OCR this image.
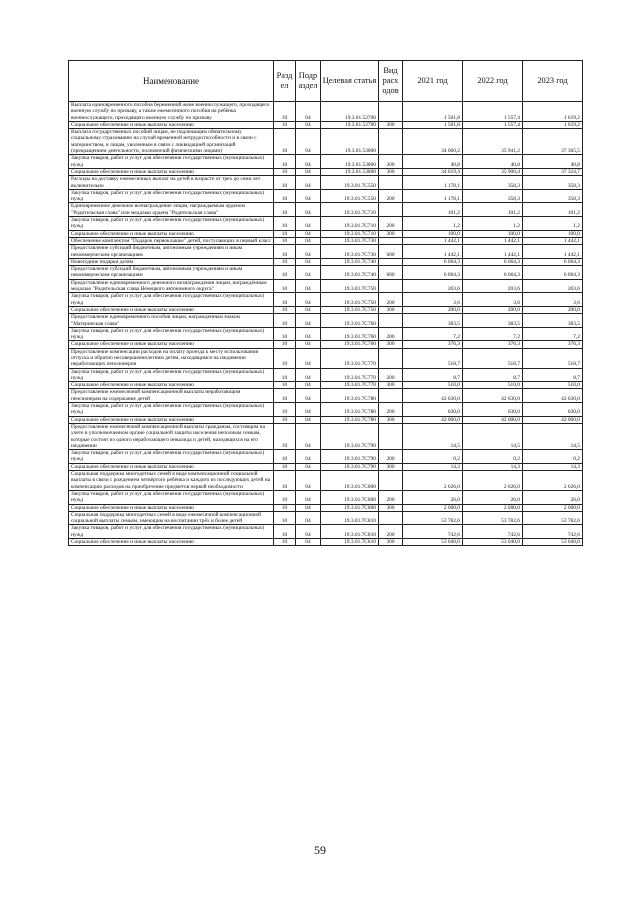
Наименование	Разд ел	Подр аздел	Целевая статья	Вид расх одов	2021 год	2022 год	2023 год
Выплата единовременного пособия беременной жене военнослужащего, проходящего военную службу по призыву, а также ежемесячного пособия на ребёнка военнослужащего, проходящего военную службу по призыву	10	04	19.3.01.52700		1 501,8	1 557,4	1 619,2
Социальное обеспечение и иные выплаты населению	10	04	19.3.01.52700	300	1 501,8	1 557,4	1 619,2
Выплата государственных пособий лицам, не подлежащим обязательному социальному страхованию на случай временной нетрудоспособности и в связи с материнством, и лицам, уволенным в связи с ликвидацией организаций (прекращением деятельности, полномочий физическими лицами)	10	04	19.3.01.53800		34 660,2	35 941,2	37 365,5
Закупка товаров, работ и услуг для обеспечения государственных (муниципальных) нужд	10	04	19.3.01.53800	200	40,8	40,8	40,8
Социальное обеспечение и иные выплаты населению	10	04	19.3.01.53800	300	34 619,4	35 900,4	37 324,7
Расходы на доставку ежемесячных выплат на детей в возрасте от трех до семи лет включительно	10	04	19.3.01.7С550		1 178,1	358,3	358,3
Закупка товаров, работ и услуг для обеспечения государственных (муниципальных) нужд	10	04	19.3.01.7С550	200	1 178,1	358,3	358,3
Единовременное денежное вознаграждение лицам, награждаемым орденом "Родительская слава" или медалью ордена "Родительская слава"	10	04	19.3.01.7С710		101,2	101,2	101,2
Закупка товаров, работ и услуг для обеспечения государственных (муниципальных) нужд	10	04	19.3.01.7С710	200	1,2	1,2	1,2
Социальное обеспечение и иные выплаты населению	10	04	19.3.01.7С710	300	100,0	100,0	100,0
Обеспечение комплектом "Подарок первоклашке" детей, поступающих в первый класс	10	04	19.3.01.7С730		1 442,1	1 442,1	1 442,1
Предоставление субсидий бюджетным, автономным учреждениям и иным некоммерческим организациям	10	04	19.3.01.7С730	600	1 442,1	1 442,1	1 442,1
Новогодние подарки детям	10	04	19.3.01.7С740		6 064,3	6 064,3	6 064,3
Предоставление субсидий бюджетным, автономным учреждениям и иным некоммерческим организациям	10	04	19.3.01.7С740	600	6 064,3	6 064,3	6 064,3
Предоставление единовременного денежного вознаграждения лицам, награждённым медалью "Родительская слава Ненецкого автономного округа"	10	04	19.3.01.7С750		203,6	203,6	203,6
Закупка товаров, работ и услуг для обеспечения государственных (муниципальных) нужд	10	04	19.3.01.7С750	200	3,6	3,6	3,6
Социальное обеспечение и иные выплаты населению	10	04	19.3.01.7С750	300	200,0	200,0	200,0
Предоставление единовременного пособия лицам, награжденным знаком "Материнская слава"	10	04	19.3.01.7С760		383,5	383,5	383,5
Закупка товаров, работ и услуг для обеспечения государственных (муниципальных) нужд	10	04	19.3.01.7С760	200	7,2	7,2	7,2
Социальное обеспечение и иные выплаты населению	10	04	19.3.01.7С760	300	376,3	376,3	376,3
Предоставление компенсации расходов на оплату проезда к месту использования отпуска и обратно несовершеннолетним детям, находящимся на иждивении неработающих пенсионеров	10	04	19.3.01.7С770		518,7	518,7	518,7
Закупка товаров, работ и услуг для обеспечения государственных (муниципальных) нужд	10	04	19.3.01.7С770	200	8,7	8,7	8,7
Социальное обеспечение и иные выплаты населению	10	04	19.3.01.7С770	300	510,0	510,0	510,0
Предоставление ежемесячной компенсационной выплаты неработающим пенсионерам на содержание детей	10	04	19.3.01.7С780		42 630,0	42 630,0	42 630,0
Закупка товаров, работ и услуг для обеспечения государственных (муниципальных) нужд	10	04	19.3.01.7С780	200	630,0	630,0	630,0
Социальное обеспечение и иные выплаты населению	10	04	19.3.01.7С780	300	42 000,0	42 000,0	42 000,0
Предоставление ежемесячной компенсационной выплаты гражданам, состоящим на учете в уполномоченном органе социальной защиты населения неполным семьям, которые состоят из одного неработающего инвалида и детей, находящихся на его иждивении	10	04	19.3.01.7С790		14,5	14,5	14,5
Закупка товаров, работ и услуг для обеспечения государственных (муниципальных) нужд	10	04	19.3.01.7С790	200	0,2	0,2	0,2
Социальное обеспечение и иные выплаты населению	10	04	19.3.01.7С790	300	14,3	14,3	14,3
Социальная поддержка многодетных семей в виде компенсационной социальной выплаты в связи с рождением четвёртого ребёнка и каждого из последующих детей на компенсацию расходов на приобретение предметов первой необходимости	10	04	19.3.01.7С800		2 026,0	2 026,0	2 026,0
Закупка товаров, работ и услуг для обеспечения государственных (муниципальных) нужд	10	04	19.3.01.7С800	200	26,0	26,0	26,0
Социальное обеспечение и иные выплаты населению	10	04	19.3.01.7С800	300	2 000,0	2 000,0	2 000,0
Социальная поддержка многодетных семей в виде ежемесячной компенсационной социальной выплаты семьям, имеющим на воспитании трёх и более детей	10	04	19.3.01.7С810		53 782,6	53 782,6	53 782,6
Закупка товаров, работ и услуг для обеспечения государственных (муниципальных) нужд	10	04	19.3.01.7С810	200	742,6	742,6	742,6
Социальное обеспечение и иные выплаты населению	10	04	19.3.01.7С810	300	53 040,0	53 040,0	53 040,0
59
